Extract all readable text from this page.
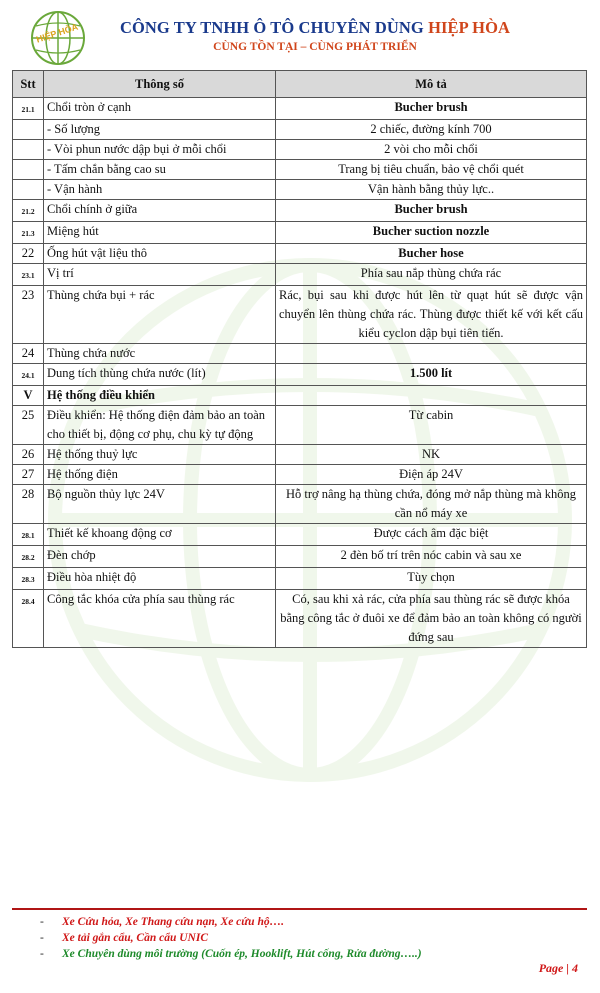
HIỆP HÒA	CÔNG TY TNHH Ô TÔ CHUYÊN DÙNG HIỆP HÒA
CÙNG TỒN TẠI – CÙNG PHÁT TRIỂN
Stt	Thông số	Mô tả
21.1	Chổi tròn ở cạnh	Bucher brush
	- Số lượng	2 chiếc, đường kính 700
	- Vòi phun nước dập bụi ở mỗi chổi	2 vòi cho mỗi chổi
	- Tấm chắn bằng cao su	Trang bị tiêu chuẩn, bảo vệ chổi quét
	- Vận hành	Vận hành bằng thủy lực..
21.2	Chổi chính ở giữa	Bucher brush
21.3	Miệng hút	Bucher suction nozzle
22	Ống hút vật liệu thô	Bucher hose
23.1	Vị trí	Phía sau nắp thùng chứa rác
23	Thùng chứa bụi + rác	Rác, bụi sau khi được hút lên từ quạt hút sẽ được vận chuyển lên thùng chứa rác. Thùng được thiết kế với kết cấu kiểu cyclon dập bụi tiên tiến.
24	Thùng chứa nước	
24.1	Dung tích thùng chứa nước (lít)	1.500 lít
V	Hệ thống điều khiển	
25	Điều khiển: Hệ thống điện đảm bảo an toàn cho thiết bị, động cơ phụ, chu kỳ tự động	Từ cabin
26	Hệ thống thuỷ lực	NK
27	Hệ thống điện	Điện áp 24V
28	Bộ nguồn thủy lực 24V	Hỗ trợ nâng hạ thùng chứa, đóng mở nắp thùng mà không cần nổ máy xe
28.1	Thiết kế khoang động cơ	Được cách âm đặc biệt
28.2	Đèn chớp	2 đèn bố trí trên nóc cabin và sau xe
28.3	Điều hòa nhiệt độ	Tùy chọn
28.4	Công tắc khóa cửa phía sau thùng rác	Có, sau khi xả rác, cửa phía sau thùng rác sẽ được khóa bằng công tắc ở đuôi xe để đảm bảo an toàn không có người đứng sau
- Xe Cứu hỏa, Xe Thang cứu nạn, Xe cứu hộ….
- Xe tải gắn cẩu, Cần cẩu UNIC
- Xe Chuyên dùng môi trường (Cuốn ép, Hooklift, Hút cống, Rửa đường…..)
Page | 4
